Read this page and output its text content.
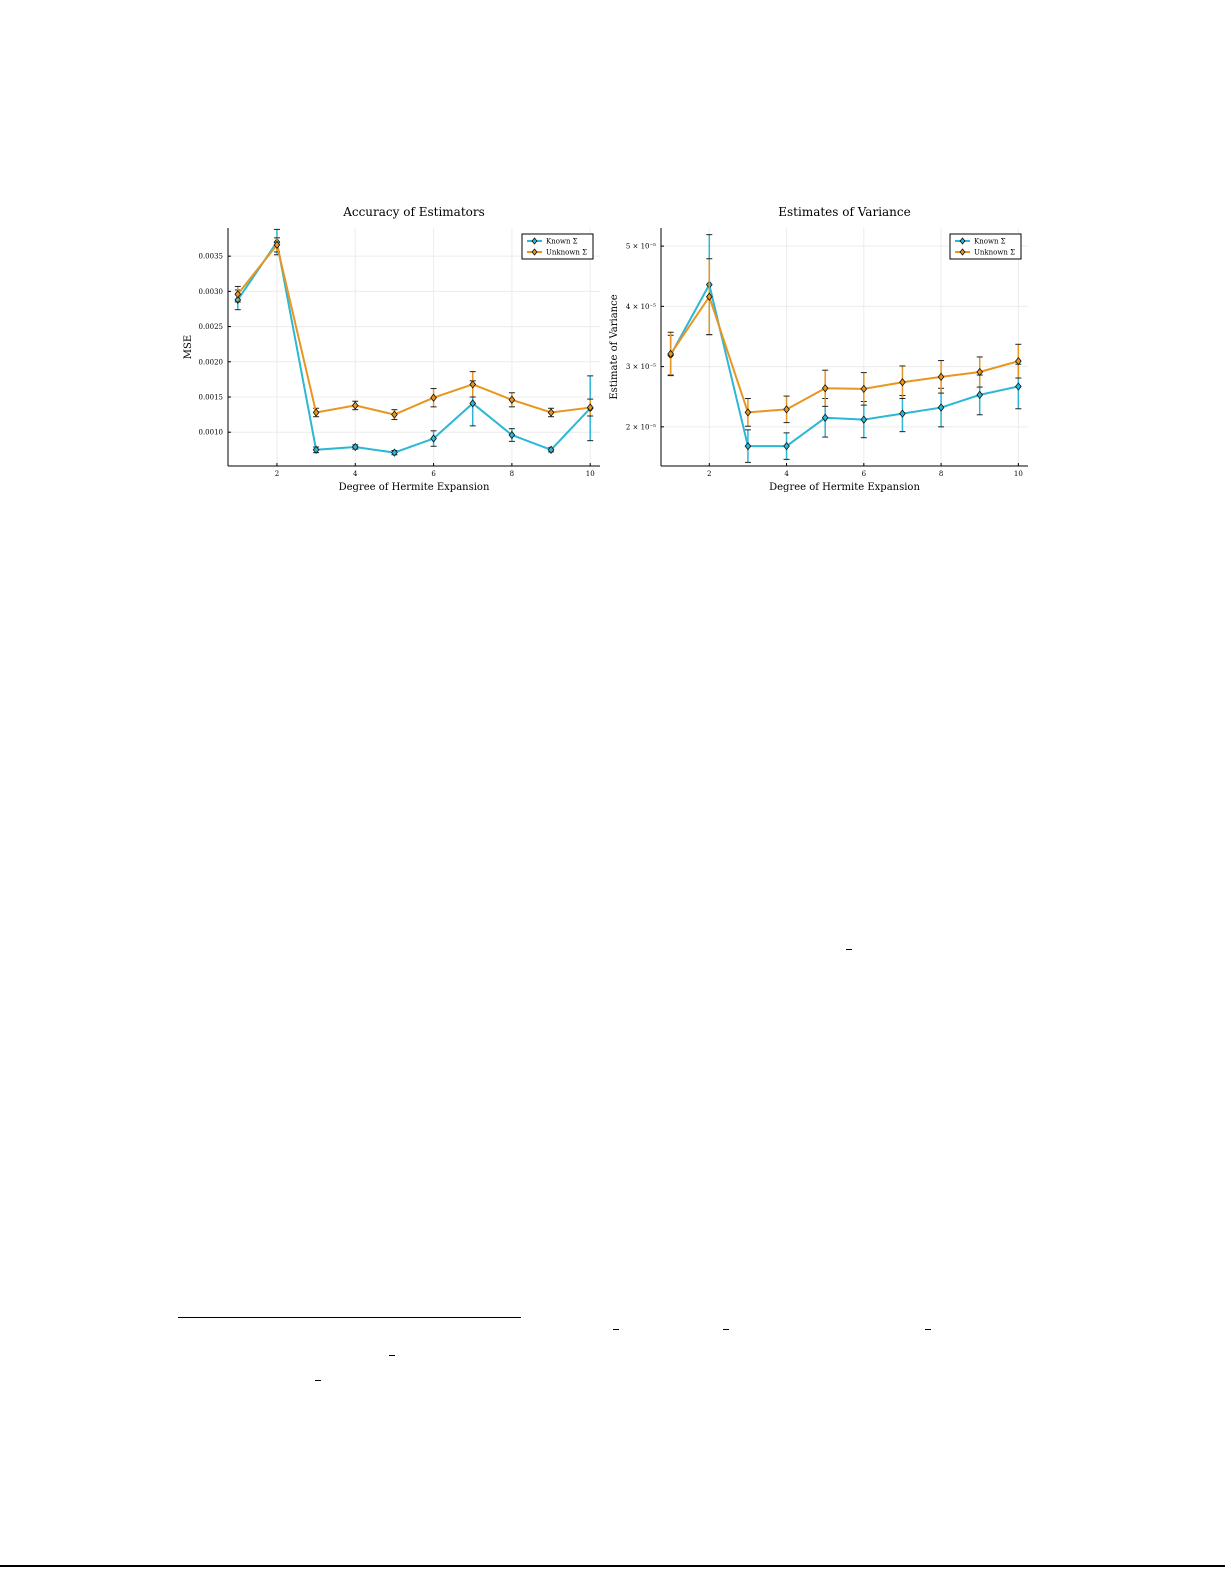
2	4	6	8	10
0.0010
0.0015
0.0020
0.0025
0.0030
0.0035
Accuracy of Estimators
Degree of Hermite Expansion
MSE
Known Σ
Unknown Σ
2	4	6	8	10
2 × 10⁻⁵
3 × 10⁻⁵
4 × 10⁻⁵
5 × 10⁻⁵
Estimates of Variance
Degree of Hermite Expansion
Estimate of Variance
Known Σ
Unknown Σ
